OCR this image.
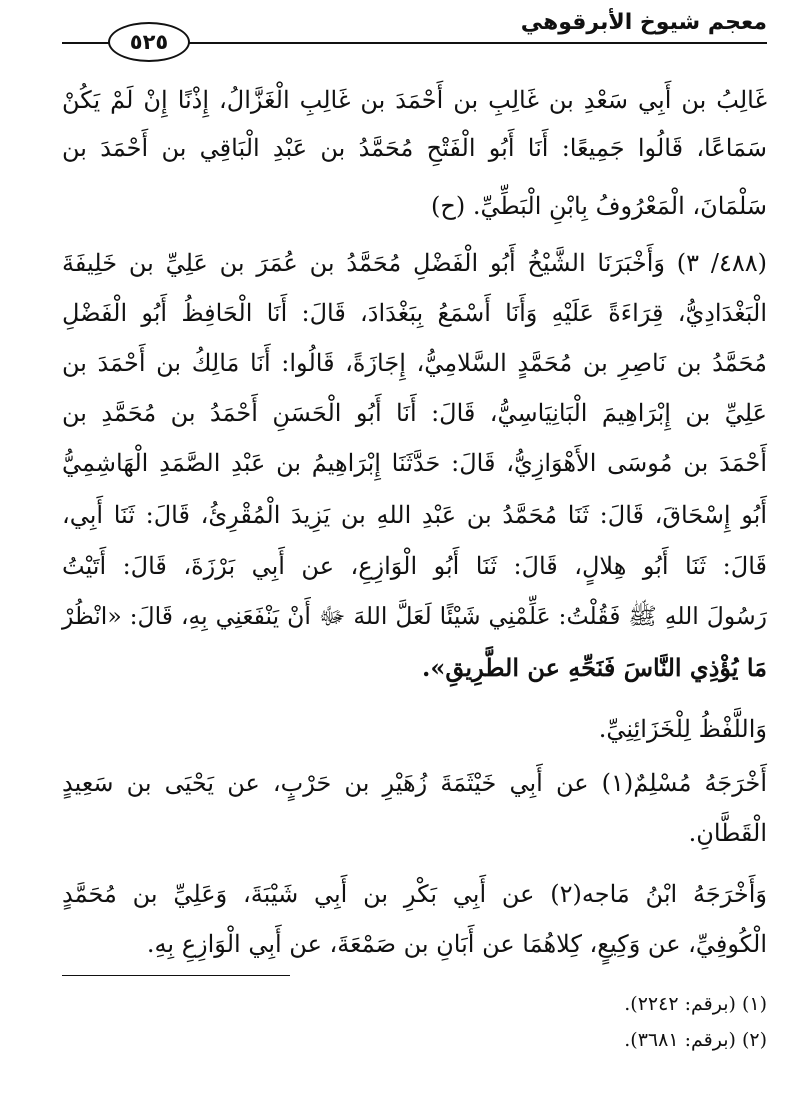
معجم شيوخ الأبرقوهي
٥٢٥
غَالِبُ بن أَبِي سَعْدِ بن غَالِبِ بن أَحْمَدَ بن غَالِبِ الْغَزَّالُ، إِذْنًا إِنْ لَمْ يَكُنْ
سَمَاعًا، قَالُوا جَمِيعًا: أَنَا أَبُو الْفَتْحِ مُحَمَّدُ بن عَبْدِ الْبَاقِي بن أَحْمَدَ بن
سَلْمَانَ، الْمَعْرُوفُ بِابْنِ الْبَطِّيِّ. (ح)
(٤٨٨/ ٣) وَأَخْبَرَنَا الشَّيْخُ أَبُو الْفَضْلِ مُحَمَّدُ بن عُمَرَ بن عَلِيِّ بن خَلِيفَةَ
الْبَغْدَادِيُّ، قِرَاءَةً عَلَيْهِ وَأَنَا أَسْمَعُ بِبَغْدَادَ، قَالَ: أَنَا الْحَافِظُ أَبُو الْفَضْلِ
مُحَمَّدُ بن نَاصِرِ بن مُحَمَّدٍ السَّلامِيُّ، إِجَازَةً، قَالُوا: أَنَا مَالِكُ بن أَحْمَدَ بن
عَلِيِّ بن إِبْرَاهِيمَ الْبَانِيَاسِيُّ، قَالَ: أَنَا أَبُو الْحَسَنِ أَحْمَدُ بن مُحَمَّدِ بن
أَحْمَدَ بن مُوسَى الأَهْوَازِيُّ، قَالَ: حَدَّثَنَا إِبْرَاهِيمُ بن عَبْدِ الصَّمَدِ الْهَاشِمِيُّ
أَبُو إِسْحَاقَ، قَالَ: ثَنَا مُحَمَّدُ بن عَبْدِ اللهِ بن يَزِيدَ الْمُقْرِئُ، قَالَ: ثَنَا أَبِي،
قَالَ: ثَنَا أَبُو هِلالٍ، قَالَ: ثَنَا أَبُو الْوَازِعِ، عن أَبِي بَرْزَةَ، قَالَ: أَتَيْتُ
رَسُولَ اللهِ ﷺ فَقُلْتُ: عَلِّمْنِي شَيْئًا لَعَلَّ اللهَ ﷻ أَنْ يَنْفَعَنِي بِهِ، قَالَ: «انْظُرْ
مَا يُؤْذِي النَّاسَ فَنَحِّهِ عن الطَّرِيقِ».
وَاللَّفْظُ لِلْخَزَائِنِيِّ.
أَخْرَجَهُ مُسْلِمٌ(١) عن أَبِي خَيْثَمَةَ زُهَيْرِ بن حَرْبٍ، عن يَحْيَى بن سَعِيدٍ
الْقَطَّانِ.
وَأَخْرَجَهُ ابْنُ مَاجه(٢) عن أَبِي بَكْرِ بن أَبِي شَيْبَةَ، وَعَلِيِّ بن مُحَمَّدٍ
الْكُوفِيِّ، عن وَكِيعٍ، كِلاهُمَا عن أَبَانِ بن صَمْعَةَ، عن أَبِي الْوَازِعِ بِهِ.
(١) (برقم: ٢٢٤٢).
(٢) (برقم: ٣٦٨١).
